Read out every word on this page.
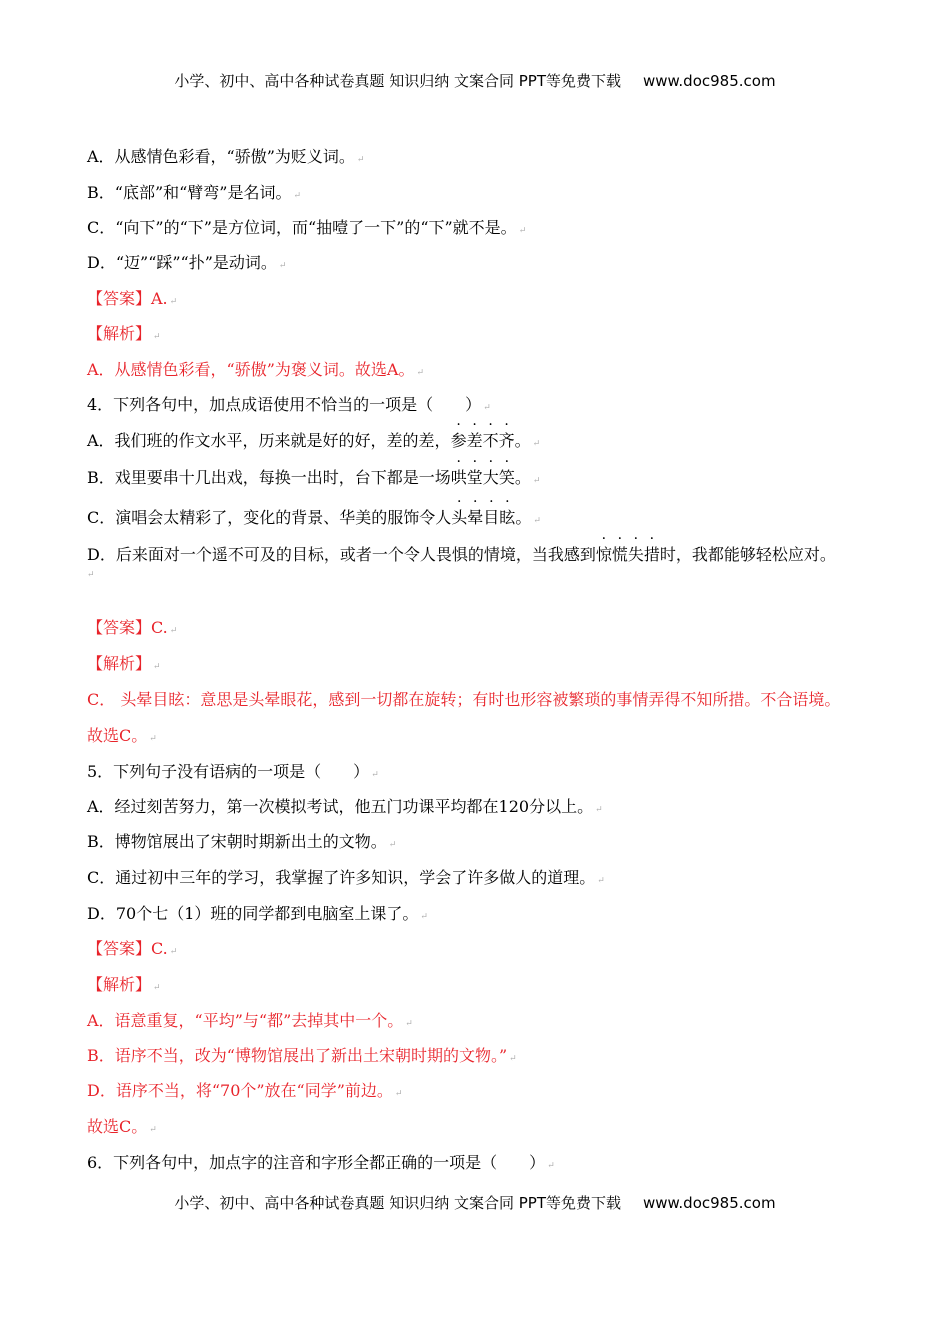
小学、初中、高中各种试卷真题 知识归纳 文案合同 PPT等免费下载 www.doc985.com
A．从感情色彩看，“骄傲”为贬义词。 ↵
B．“底部”和“臂弯”是名词。 ↵
C．“向下”的“下”是方位词，而“抽噎了一下”的“下”就不是。 ↵
D．“迈”“踩”“扑”是动词。 ↵
【答案】A. ↵
【解析】 ↵
A．从感情色彩看，“骄傲”为褒义词。故选A。 ↵
4．下列各句中，加点成语使用不恰当的一项是（　　） ↵
A．我们班的作文水平，历来就是好的好，差的差，参差不齐。 ↵
B．戏里要串十几出戏，每换一出时，台下都是一场哄堂大笑。 ↵
C．演唱会太精彩了，变化的背景、华美的服饰令人头晕目眩。 ↵
D．后来面对一个遥不可及的目标，或者一个令人畏惧的情境，当我感到惊慌失措时，我都能够轻松应对。
↵
【答案】C. ↵
【解析】 ↵
C． 头晕目眩：意思是头晕眼花，感到一切都在旋转；有时也形容被繁琐的事情弄得不知所措。不合语境。
故选C。 ↵
5．下列句子没有语病的一项是（　　） ↵
A．经过刻苦努力，第一次模拟考试，他五门功课平均都在120分以上。 ↵
B．博物馆展出了宋朝时期新出土的文物。 ↵
C．通过初中三年的学习，我掌握了许多知识，学会了许多做人的道理。 ↵
D．70个七（1）班的同学都到电脑室上课了。 ↵
【答案】C. ↵
【解析】 ↵
A．语意重复，“平均”与“都”去掉其中一个。 ↵
B．语序不当，改为“博物馆展出了新出土宋朝时期的文物。” ↵
D．语序不当，将“70个”放在“同学”前边。 ↵
故选C。 ↵
6．下列各句中，加点字的注音和字形全都正确的一项是（　　） ↵
小学、初中、高中各种试卷真题 知识归纳 文案合同 PPT等免费下载 www.doc985.com
